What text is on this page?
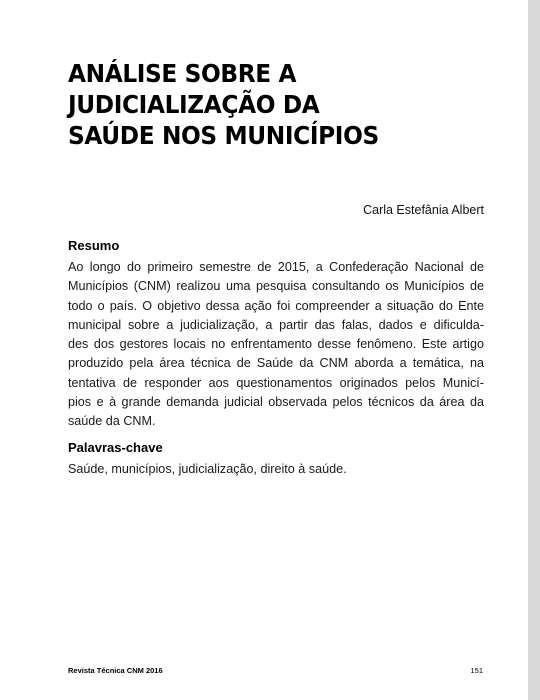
ANÁLISE SOBRE A
JUDICIALIZAÇÃO DA
SAÚDE NOS MUNICÍPIOS
Carla Estefânia Albert
Resumo

Ao longo do primeiro semestre de 2015, a Confederação Nacional de
Municípios (CNM) realizou uma pesquisa consultando os Municípios de
todo o país. O objetivo dessa ação foi compreender a situação do Ente
municipal sobre a judicialização, a partir das falas, dados e dificulda-
des dos gestores locais no enfrentamento desse fenômeno. Este artigo
produzido pela área técnica de Saúde da CNM aborda a temática, na
tentativa de responder aos questionamentos originados pelos Municí-
pios e à grande demanda judicial observada pelos técnicos da área da
saúde da CNM.

Palavras-chave

Saúde, municípios, judicialização, direito à saúde.

Revista Técnica CNM 2016	151
